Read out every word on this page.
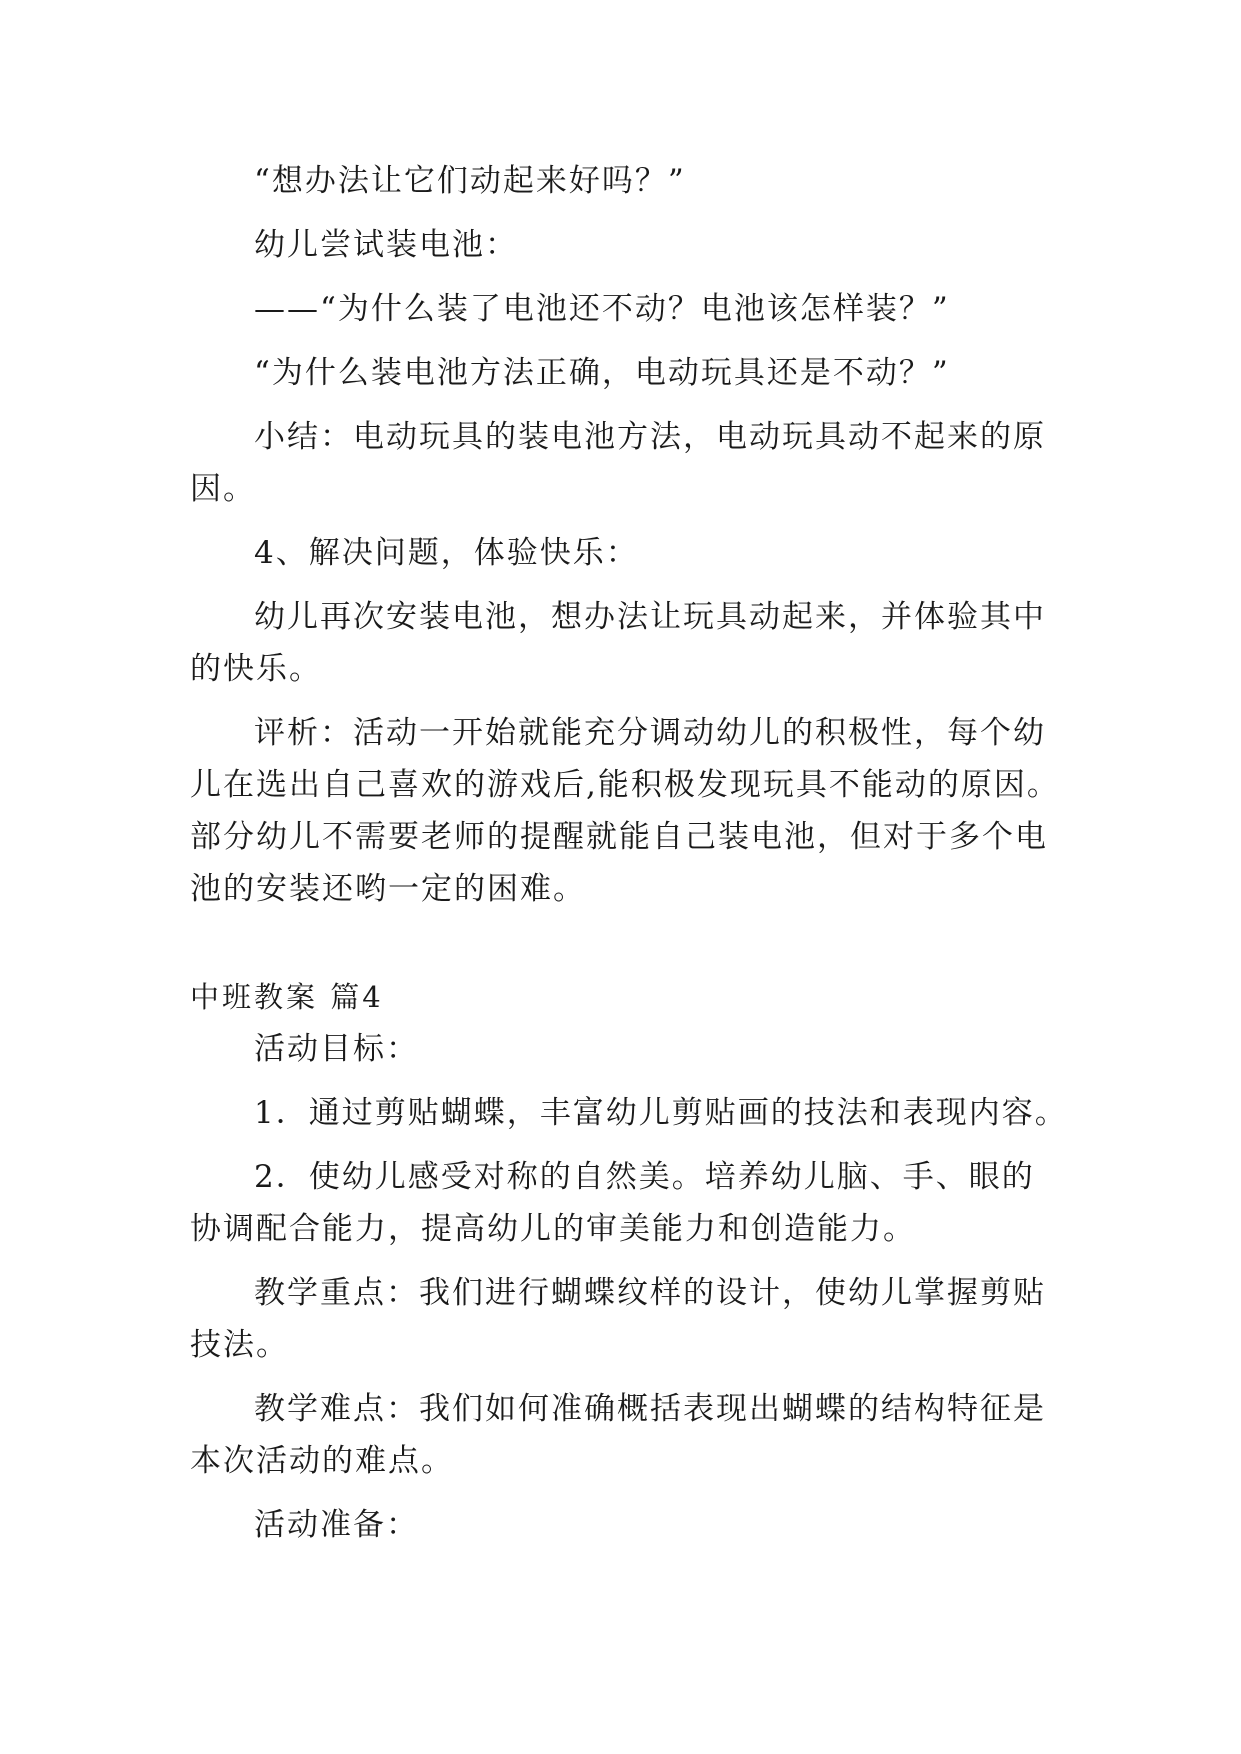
“想办法让它们动起来好吗？”
幼儿尝试装电池：
——“为什么装了电池还不动？电池该怎样装？”
“为什么装电池方法正确，电动玩具还是不动？”
小结：电动玩具的装电池方法，电动玩具动不起来的原
因。
4、解决问题，体验快乐：
幼儿再次安装电池，想办法让玩具动起来，并体验其中
的快乐。
评析：活动一开始就能充分调动幼儿的积极性，每个幼
儿在选出自己喜欢的游戏后,能积极发现玩具不能动的原因。
部分幼儿不需要老师的提醒就能自己装电池，但对于多个电
池的安装还哟一定的困难。
中班教案 篇4
活动目标：
1．通过剪贴蝴蝶，丰富幼儿剪贴画的技法和表现内容。
2．使幼儿感受对称的自然美。培养幼儿脑、手、眼的
协调配合能力，提高幼儿的审美能力和创造能力。
教学重点：我们进行蝴蝶纹样的设计，使幼儿掌握剪贴
技法。
教学难点：我们如何准确概括表现出蝴蝶的结构特征是
本次活动的难点。
活动准备：
